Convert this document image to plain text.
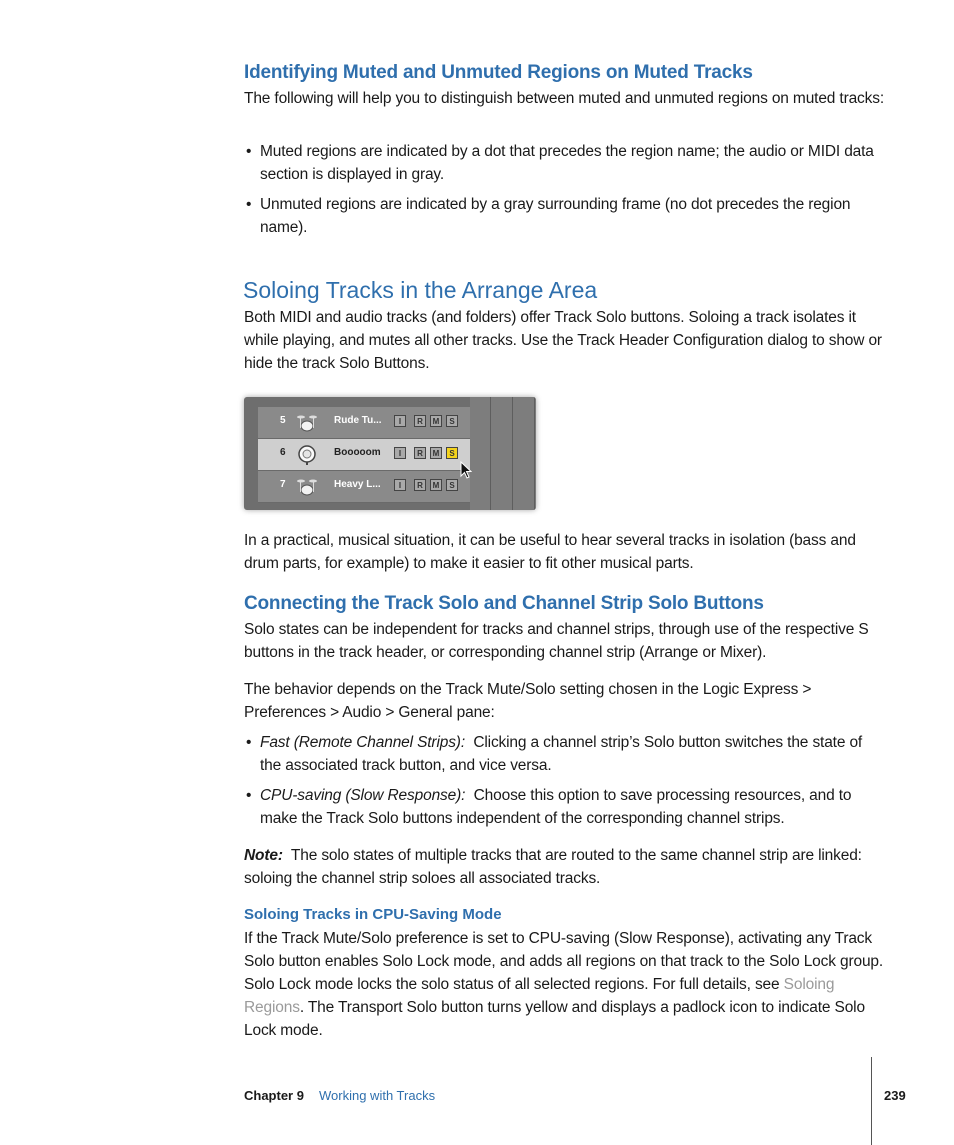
Identifying Muted and Unmuted Regions on Muted Tracks
The following will help you to distinguish between muted and unmuted regions on muted tracks:
• Muted regions are indicated by a dot that precedes the region name; the audio or MIDI data section is displayed in gray.
• Unmuted regions are indicated by a gray surrounding frame (no dot precedes the region name).
Soloing Tracks in the Arrange Area
Both MIDI and audio tracks (and folders) offer Track Solo buttons. Soloing a track isolates it while playing, and mutes all other tracks. Use the Track Header Configuration dialog to show or hide the track Solo Buttons.
5	Rude Tu...	I	R	M	S
6	Booooom	I	R	M	S
7	Heavy L...	I	R	M	S
In a practical, musical situation, it can be useful to hear several tracks in isolation (bass and drum parts, for example) to make it easier to fit other musical parts.
Connecting the Track Solo and Channel Strip Solo Buttons
Solo states can be independent for tracks and channel strips, through use of the respective S buttons in the track header, or corresponding channel strip (Arrange or Mixer).
The behavior depends on the Track Mute/Solo setting chosen in the Logic Express > Preferences > Audio > General pane:
• Fast (Remote Channel Strips): Clicking a channel strip’s Solo button switches the state of the associated track button, and vice versa.
• CPU-saving (Slow Response): Choose this option to save processing resources, and to make the Track Solo buttons independent of the corresponding channel strips.
Note: The solo states of multiple tracks that are routed to the same channel strip are linked: soloing the channel strip soloes all associated tracks.
Soloing Tracks in CPU-Saving Mode
If the Track Mute/Solo preference is set to CPU-saving (Slow Response), activating any Track Solo button enables Solo Lock mode, and adds all regions on that track to the Solo Lock group. Solo Lock mode locks the solo status of all selected regions. For full details, see Soloing Regions. The Transport Solo button turns yellow and displays a padlock icon to indicate Solo Lock mode.
Chapter 9 Working with Tracks	239
